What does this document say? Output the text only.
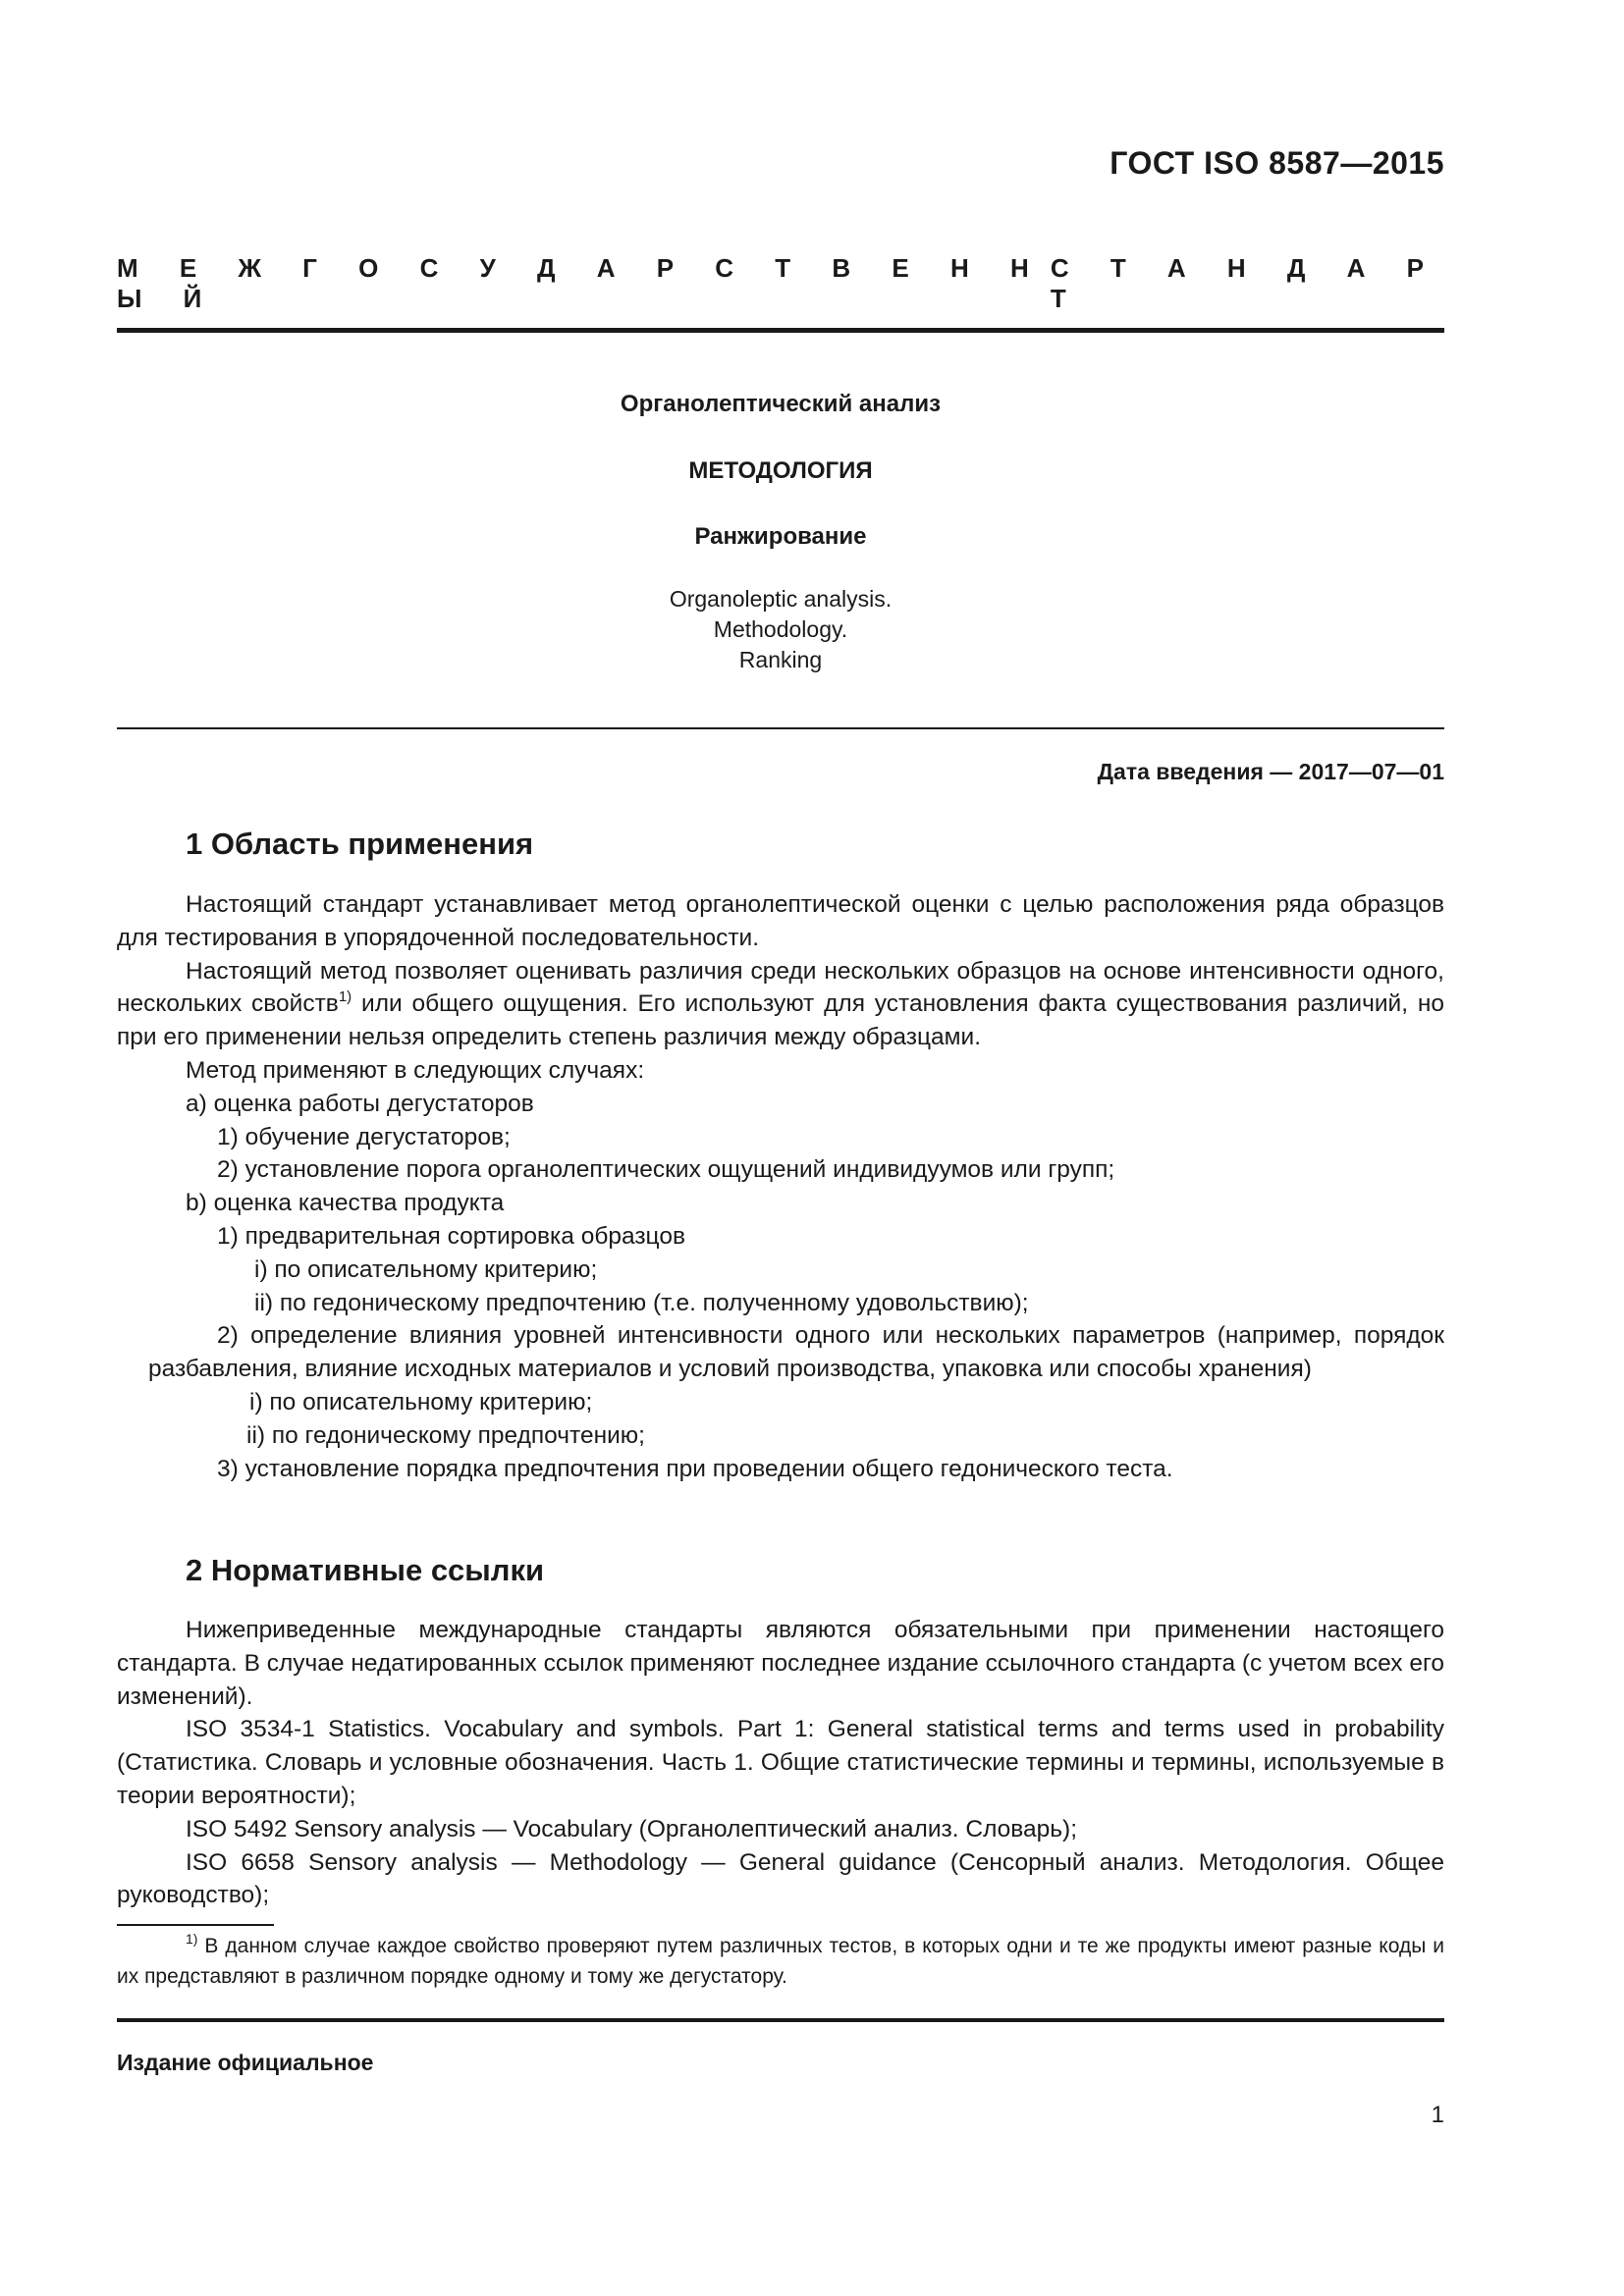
ГОСТ ISO 8587—2015
М Е Ж Г О С У Д А Р С Т В Е Н Н Ы Й
С Т А Н Д А Р Т
Органолептический анализ
МЕТОДОЛОГИЯ
Ранжирование
Organoleptic analysis.
Methodology.
Ranking
Дата введения — 2017—07—01
1 Область применения

Настоящий стандарт устанавливает метод органолептической оценки с целью расположения ряда образцов для тестирования в упорядоченной последовательности.

Настоящий метод позволяет оценивать различия среди нескольких образцов на основе интенсивности одного, нескольких свойств$^{1)}$ или общего ощущения. Его используют для установления факта существования различий, но при его применении нельзя определить степень различия между образцами.

Метод применяют в следующих случаях:

a) оценка работы дегустаторов

1) обучение дегустаторов;

2) установление порога органолептических ощущений индивидуумов или групп;

b) оценка качества продукта

1) предварительная сортировка образцов

i) по описательному критерию;

ii) по гедоническому предпочтению (т.е. полученному удовольствию);

2) определение влияния уровней интенсивности одного или нескольких параметров (например, порядок разбавления, влияние исходных материалов и условий производства, упаковка или способы хранения)

i) по описательному критерию;

ii) по гедоническому предпочтению;

3) установление порядка предпочтения при проведении общего гедонического теста.

2 Нормативные ссылки

Нижеприведенные международные стандарты являются обязательными при применении настоящего стандарта. В случае недатированных ссылок применяют последнее издание ссылочного стандарта (с учетом всех его изменений).

ISO 3534-1 Statistics. Vocabulary and symbols. Part 1: General statistical terms and terms used in probability (Статистика. Словарь и условные обозначения. Часть 1. Общие статистические термины и термины, используемые в теории вероятности);

ISO 5492 Sensory analysis — Vocabulary (Органолептический анализ. Словарь);

ISO 6658 Sensory analysis — Methodology — General guidance (Сенсорный анализ. Методология. Общее руководство);

$^{1)}$ В данном случае каждое свойство проверяют путем различных тестов, в которых одни и те же продукты имеют разные коды и их представляют в различном порядке одному и тому же дегустатору.
Издание официальное
1
